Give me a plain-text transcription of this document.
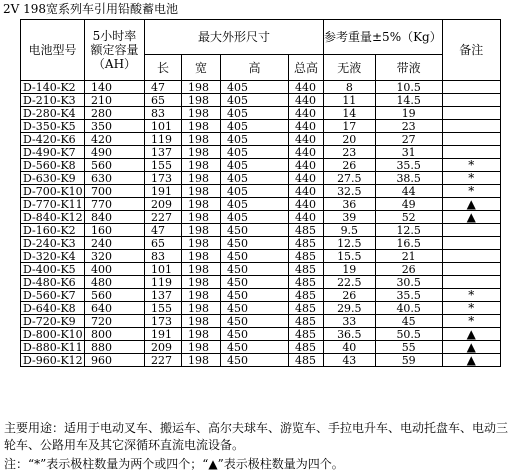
2V 198宽系列车引用铅酸蓄电池
电池型号	5小时率
额定容量
（AH）	最大外形尺寸				参考重量±5%（Kg）		备注
		长	宽	高	总高	无液	带液	
D-140-K2	140	47	198	405	440	8	10.5	
D-210-K3	210	65	198	405	440	11	14.5	
D-280-K4	280	83	198	405	440	14	19	
D-350-K5	350	101	198	405	440	17	23	
D-420-K6	420	119	198	405	440	20	27	
D-490-K7	490	137	198	405	440	23	31	
D-560-K8	560	155	198	405	440	26	35.5	*
D-630-K9	630	173	198	405	440	27.5	38.5	*
D-700-K10	700	191	198	405	440	32.5	44	*
D-770-K11	770	209	198	405	440	36	49	▲
D-840-K12	840	227	198	405	440	39	52	▲
D-160-K2	160	47	198	450	485	9.5	12.5	
D-240-K3	240	65	198	450	485	12.5	16.5	
D-320-K4	320	83	198	450	485	15.5	21	
D-400-K5	400	101	198	450	485	19	26	
D-480-K6	480	119	198	450	485	22.5	30.5	
D-560-K7	560	137	198	450	485	26	35.5	*
D-640-K8	640	155	198	450	485	29.5	40.5	*
D-720-K9	720	173	198	450	485	33	45	*
D-800-K10	800	191	198	450	485	36.5	50.5	▲
D-880-K11	880	209	198	450	485	40	55	▲
D-960-K12	960	227	198	450	485	43	59	▲
主要用途：适用于电动叉车、搬运车、高尔夫球车、游览车、手拉电升车、电动托盘车、电动三
轮车、公路用车及其它深循环直流电流设备。
注：“*”表示极柱数量为两个或四个；“▲”表示极柱数量为四个。
